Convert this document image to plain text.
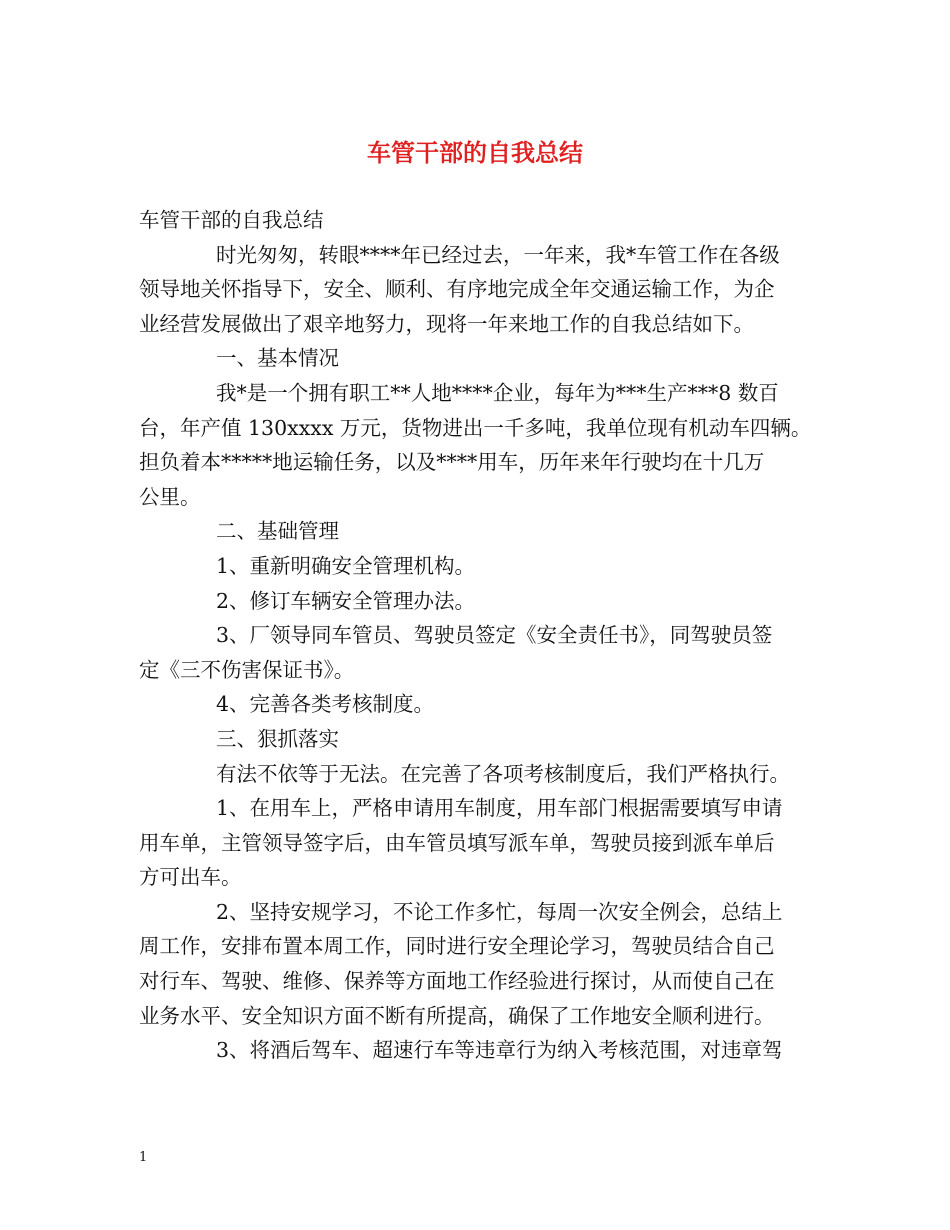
车管干部的自我总结
车管干部的自我总结
时光匆匆，转眼****年已经过去，一年来，我*车管工作在各级
领导地关怀指导下，安全、顺利、有序地完成全年交通运输工作，为企
业经营发展做出了艰辛地努力，现将一年来地工作的自我总结如下。
一、基本情况
我*是一个拥有职工**人地****企业，每年为***生产***8 数百
台，年产值 130xxxx 万元，货物进出一千多吨，我单位现有机动车四辆。
担负着本*****地运输任务，以及****用车，历年来年行驶均在十几万
公里。
二、基础管理
1、重新明确安全管理机构。
2、修订车辆安全管理办法。
3、厂领导同车管员、驾驶员签定《安全责任书》，同驾驶员签
定《三不伤害保证书》。
4、完善各类考核制度。
三、狠抓落实
有法不依等于无法。在完善了各项考核制度后，我们严格执行。
1、在用车上，严格申请用车制度，用车部门根据需要填写申请
用车单，主管领导签字后，由车管员填写派车单，驾驶员接到派车单后
方可出车。
2、坚持安规学习，不论工作多忙，每周一次安全例会，总结上
周工作，安排布置本周工作，同时进行安全理论学习，驾驶员结合自己
对行车、驾驶、维修、保养等方面地工作经验进行探讨，从而使自己在
业务水平、安全知识方面不断有所提高，确保了工作地安全顺利进行。
3、将酒后驾车、超速行车等违章行为纳入考核范围，对违章驾
1
